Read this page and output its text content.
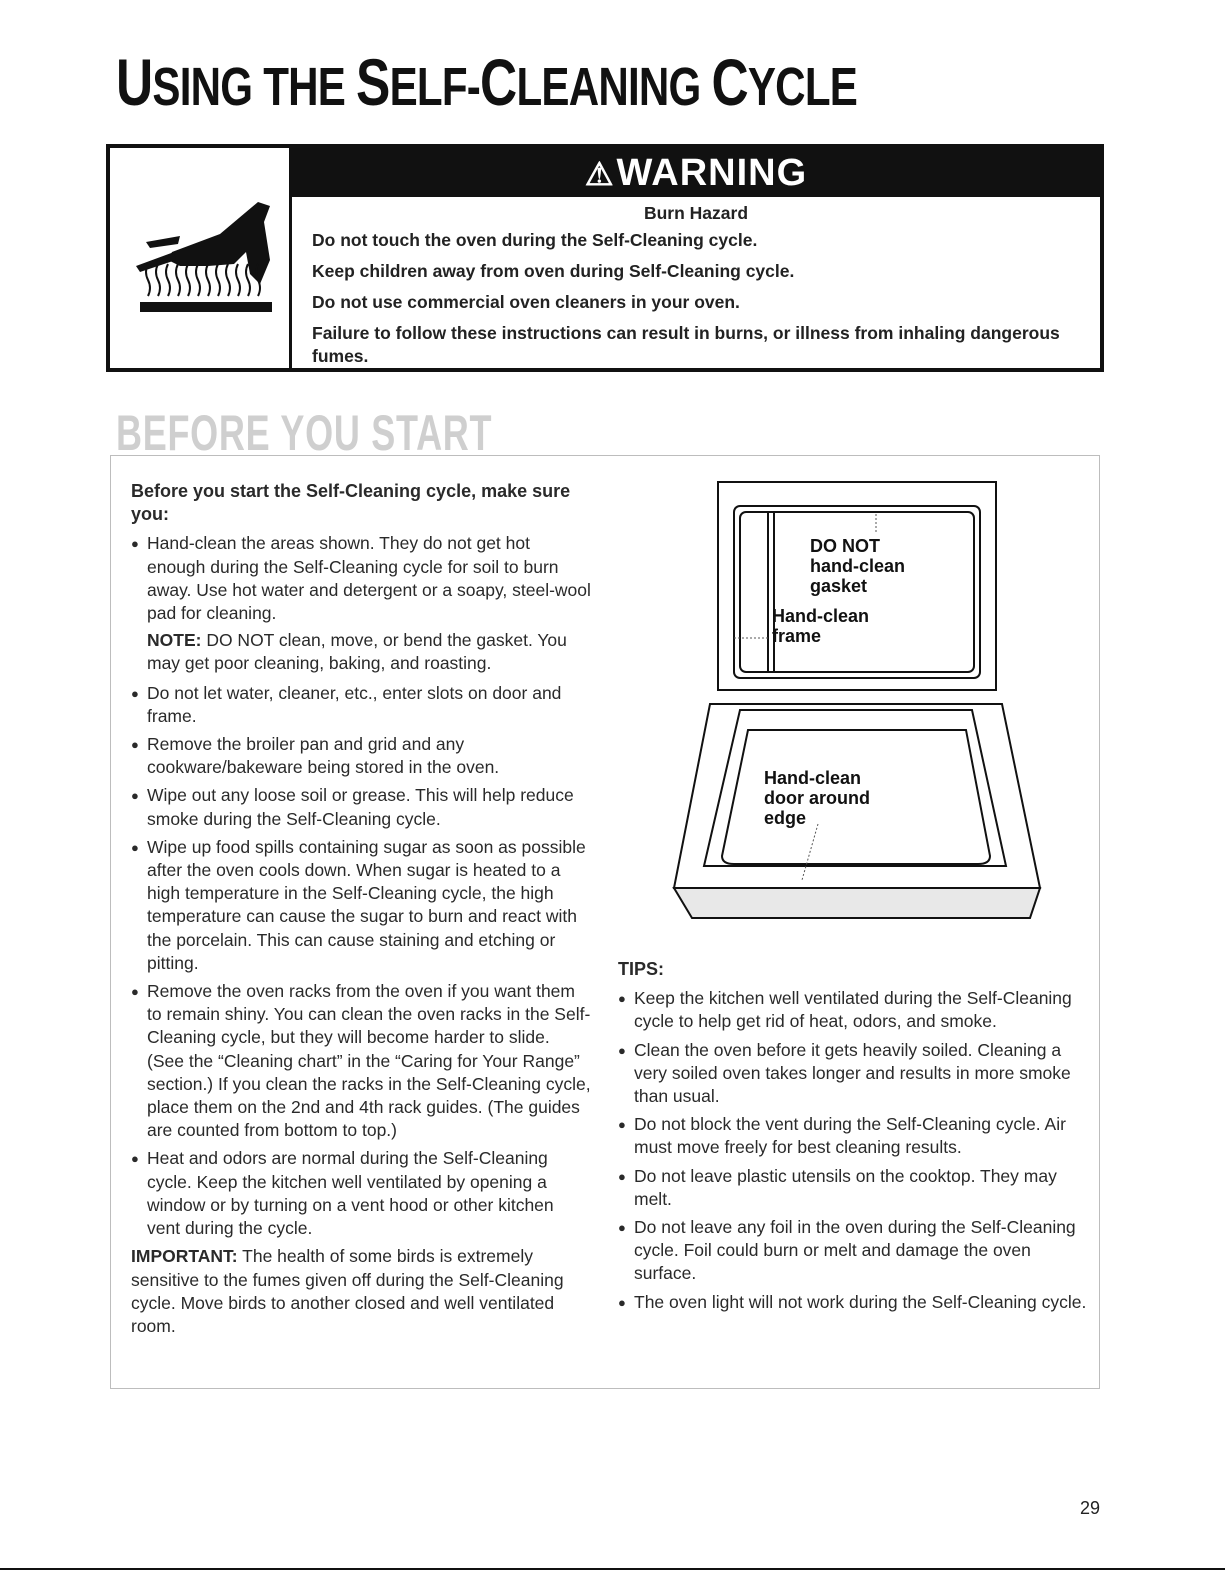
USING THE SELF-CLEANING CYCLE
⚠WARNING
Burn Hazard

Do not touch the oven during the Self-Cleaning cycle.

Keep children away from oven during Self-Cleaning cycle.

Do not use commercial oven cleaners in your oven.

Failure to follow these instructions can result in burns, or illness from inhaling dangerous fumes.

BEFORE YOU START

Before you start the Self-Cleaning cycle, make sure you:

● Hand-clean the areas shown. They do not get hot enough during the Self-Cleaning cycle for soil to burn away. Use hot water and detergent or a soapy, steel-wool pad for cleaning.
NOTE: DO NOT clean, move, or bend the gasket. You may get poor cleaning, baking, and roasting.
● Do not let water, cleaner, etc., enter slots on door and frame.
● Remove the broiler pan and grid and any cookware/bakeware being stored in the oven.
● Wipe out any loose soil or grease. This will help reduce smoke during the Self-Cleaning cycle.
● Wipe up food spills containing sugar as soon as possible after the oven cools down. When sugar is heated to a high temperature in the Self-Cleaning cycle, the high temperature can cause the sugar to burn and react with the porcelain. This can cause staining and etching or pitting.
● Remove the oven racks from the oven if you want them to remain shiny. You can clean the oven racks in the Self-Cleaning cycle, but they will become harder to slide. (See the “Cleaning chart” in the “Caring for Your Range” section.) If you clean the racks in the Self-Cleaning cycle, place them on the 2nd and 4th rack guides. (The guides are counted from bottom to top.)
● Heat and odors are normal during the Self-Cleaning cycle. Keep the kitchen well ventilated by opening a window or by turning on a vent hood or other kitchen vent during the cycle.

IMPORTANT: The health of some birds is extremely sensitive to the fumes given off during the Self-Cleaning cycle. Move birds to another closed and well ventilated room.

DO NOT
hand-clean
gasket
Hand-clean
frame
Hand-clean
door around
edge

TIPS:

● Keep the kitchen well ventilated during the Self-Cleaning cycle to help get rid of heat, odors, and smoke.
● Clean the oven before it gets heavily soiled. Cleaning a very soiled oven takes longer and results in more smoke than usual.
● Do not block the vent during the Self-Cleaning cycle. Air must move freely for best cleaning results.
● Do not leave plastic utensils on the cooktop. They may melt.
● Do not leave any foil in the oven during the Self-Cleaning cycle. Foil could burn or melt and damage the oven surface.
● The oven light will not work during the Self-Cleaning cycle.
29
